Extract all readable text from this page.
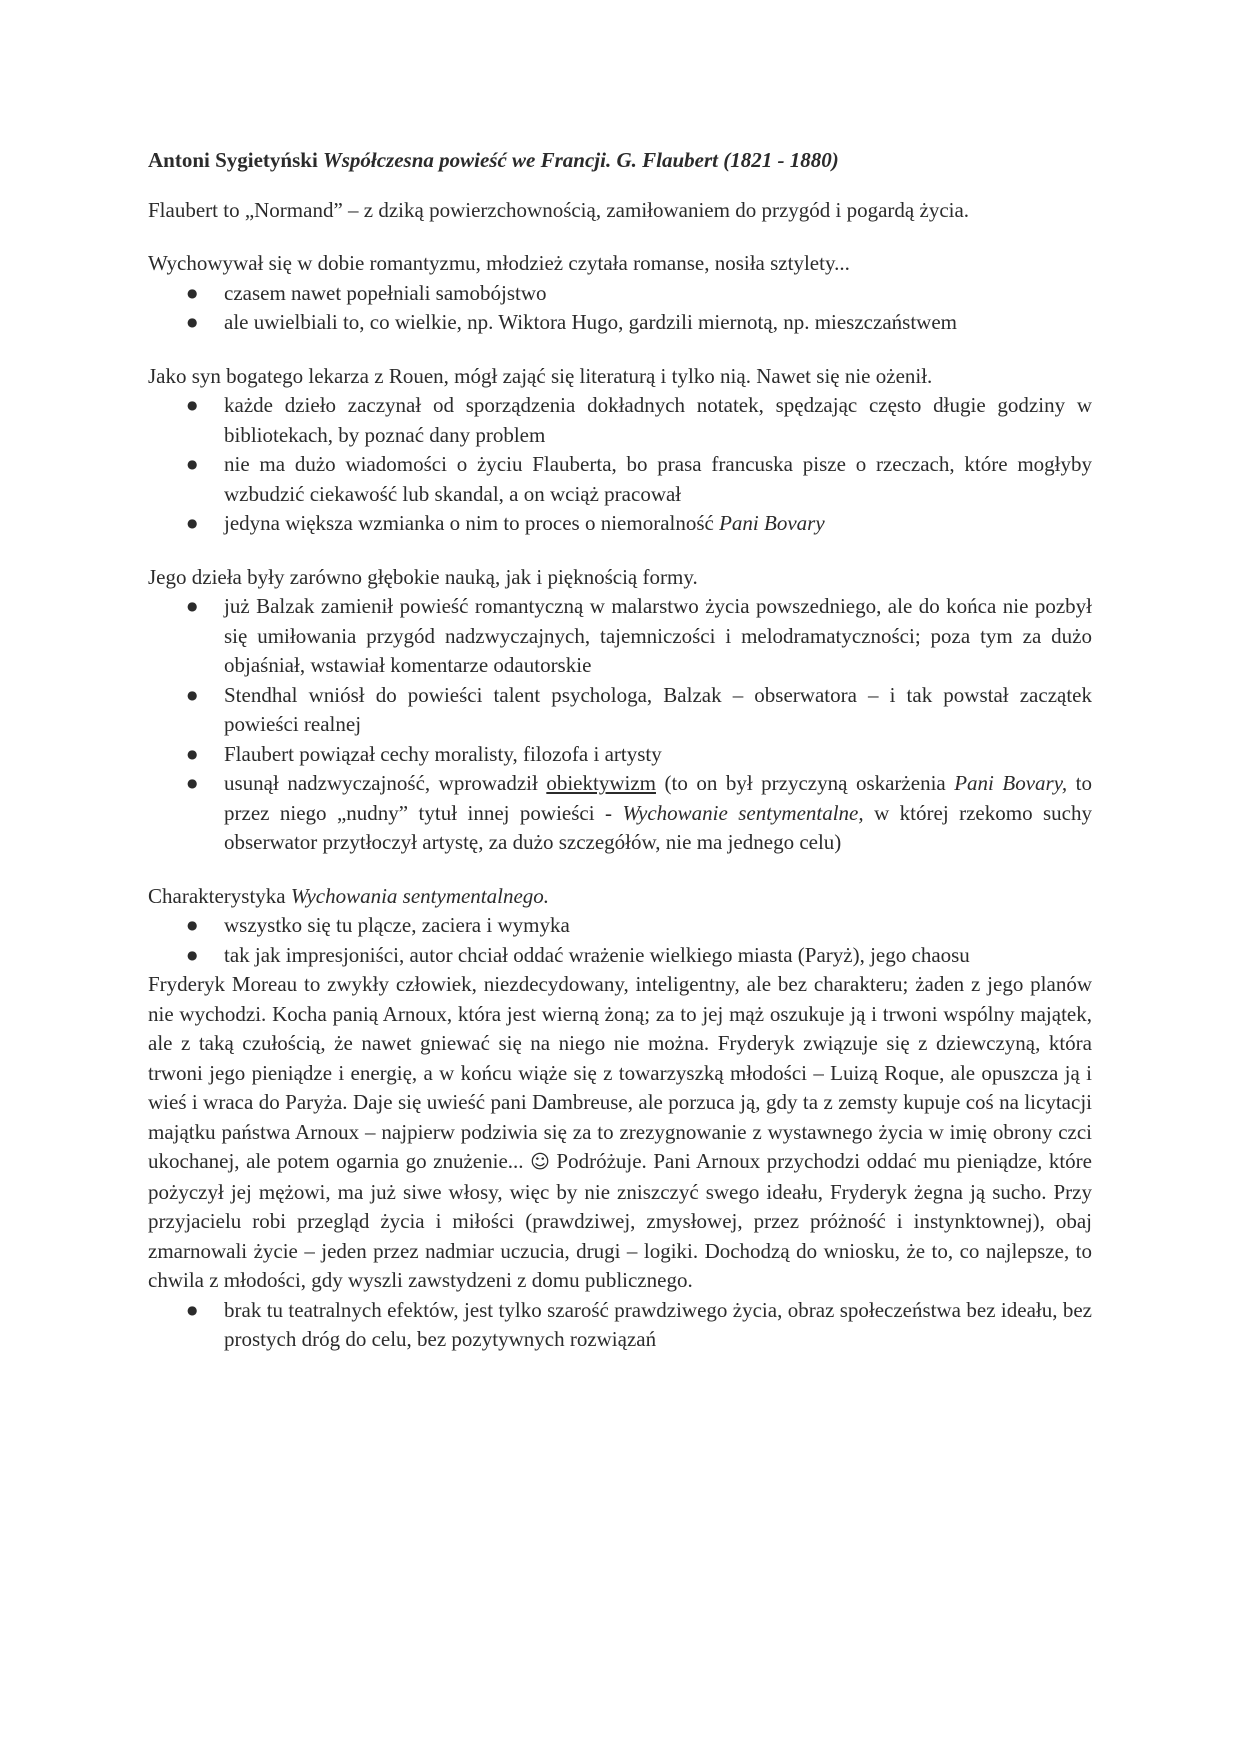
Antoni Sygietyński Współczesna powieść we Francji. G. Flaubert (1821 - 1880)

Flaubert to „Normand” – z dziką powierzchownością, zamiłowaniem do przygód i pogardą życia.

Wychowywał się w dobie romantyzmu, młodzież czytała romanse, nosiła sztylety...

● czasem nawet popełniali samobójstwo
● ale uwielbiali to, co wielkie, np. Wiktora Hugo, gardzili miernotą, np. mieszczaństwem

Jako syn bogatego lekarza z Rouen, mógł zająć się literaturą i tylko nią. Nawet się nie ożenił.

● każde dzieło zaczynał od sporządzenia dokładnych notatek, spędzając często długie godziny w bibliotekach, by poznać dany problem
● nie ma dużo wiadomości o życiu Flauberta, bo prasa francuska pisze o rzeczach, które mogłyby wzbudzić ciekawość lub skandal, a on wciąż pracował
● jedyna większa wzmianka o nim to proces o niemoralność Pani Bovary

Jego dzieła były zarówno głębokie nauką, jak i pięknością formy.

● już Balzak zamienił powieść romantyczną w malarstwo życia powszedniego, ale do końca nie pozbył się umiłowania przygód nadzwyczajnych, tajemniczości i melodramatyczności; poza tym za dużo objaśniał, wstawiał komentarze odautorskie
● Stendhal wniósł do powieści talent psychologa, Balzak – obserwatora – i tak powstał zaczątek powieści realnej
● Flaubert powiązał cechy moralisty, filozofa i artysty
● usunął nadzwyczajność, wprowadził obiektywizm (to on był przyczyną oskarżenia Pani Bovary, to przez niego „nudny” tytuł innej powieści - Wychowanie sentymentalne, w której rzekomo suchy obserwator przytłoczył artystę, za dużo szczegółów, nie ma jednego celu)

Charakterystyka Wychowania sentymentalnego.

● wszystko się tu plącze, zaciera i wymyka
● tak jak impresjoniści, autor chciał oddać wrażenie wielkiego miasta (Paryż), jego chaosu

Fryderyk Moreau to zwykły człowiek, niezdecydowany, inteligentny, ale bez charakteru; żaden z jego planów nie wychodzi. Kocha panią Arnoux, która jest wierną żoną; za to jej mąż oszukuje ją i trwoni wspólny majątek, ale z taką czułością, że nawet gniewać się na niego nie można. Fryderyk związuje się z dziewczyną, która trwoni jego pieniądze i energię, a w końcu wiąże się z towarzyszką młodości – Luizą Roque, ale opuszcza ją i wieś i wraca do Paryża. Daje się uwieść pani Dambreuse, ale porzuca ją, gdy ta z zemsty kupuje coś na licytacji majątku państwa Arnoux – najpierw podziwia się za to zrezygnowanie z wystawnego życia w imię obrony czci ukochanej, ale potem ogarnia go znużenie... ☺ Podróżuje. Pani Arnoux przychodzi oddać mu pieniądze, które pożyczył jej mężowi, ma już siwe włosy, więc by nie zniszczyć swego ideału, Fryderyk żegna ją sucho. Przy przyjacielu robi przegląd życia i miłości (prawdziwej, zmysłowej, przez próżność i instynktownej), obaj zmarnowali życie – jeden przez nadmiar uczucia, drugi – logiki. Dochodzą do wniosku, że to, co najlepsze, to chwila z młodości, gdy wyszli zawstydzeni z domu publicznego.

● brak tu teatralnych efektów, jest tylko szarość prawdziwego życia, obraz społeczeństwa bez ideału, bez prostych dróg do celu, bez pozytywnych rozwiązań
